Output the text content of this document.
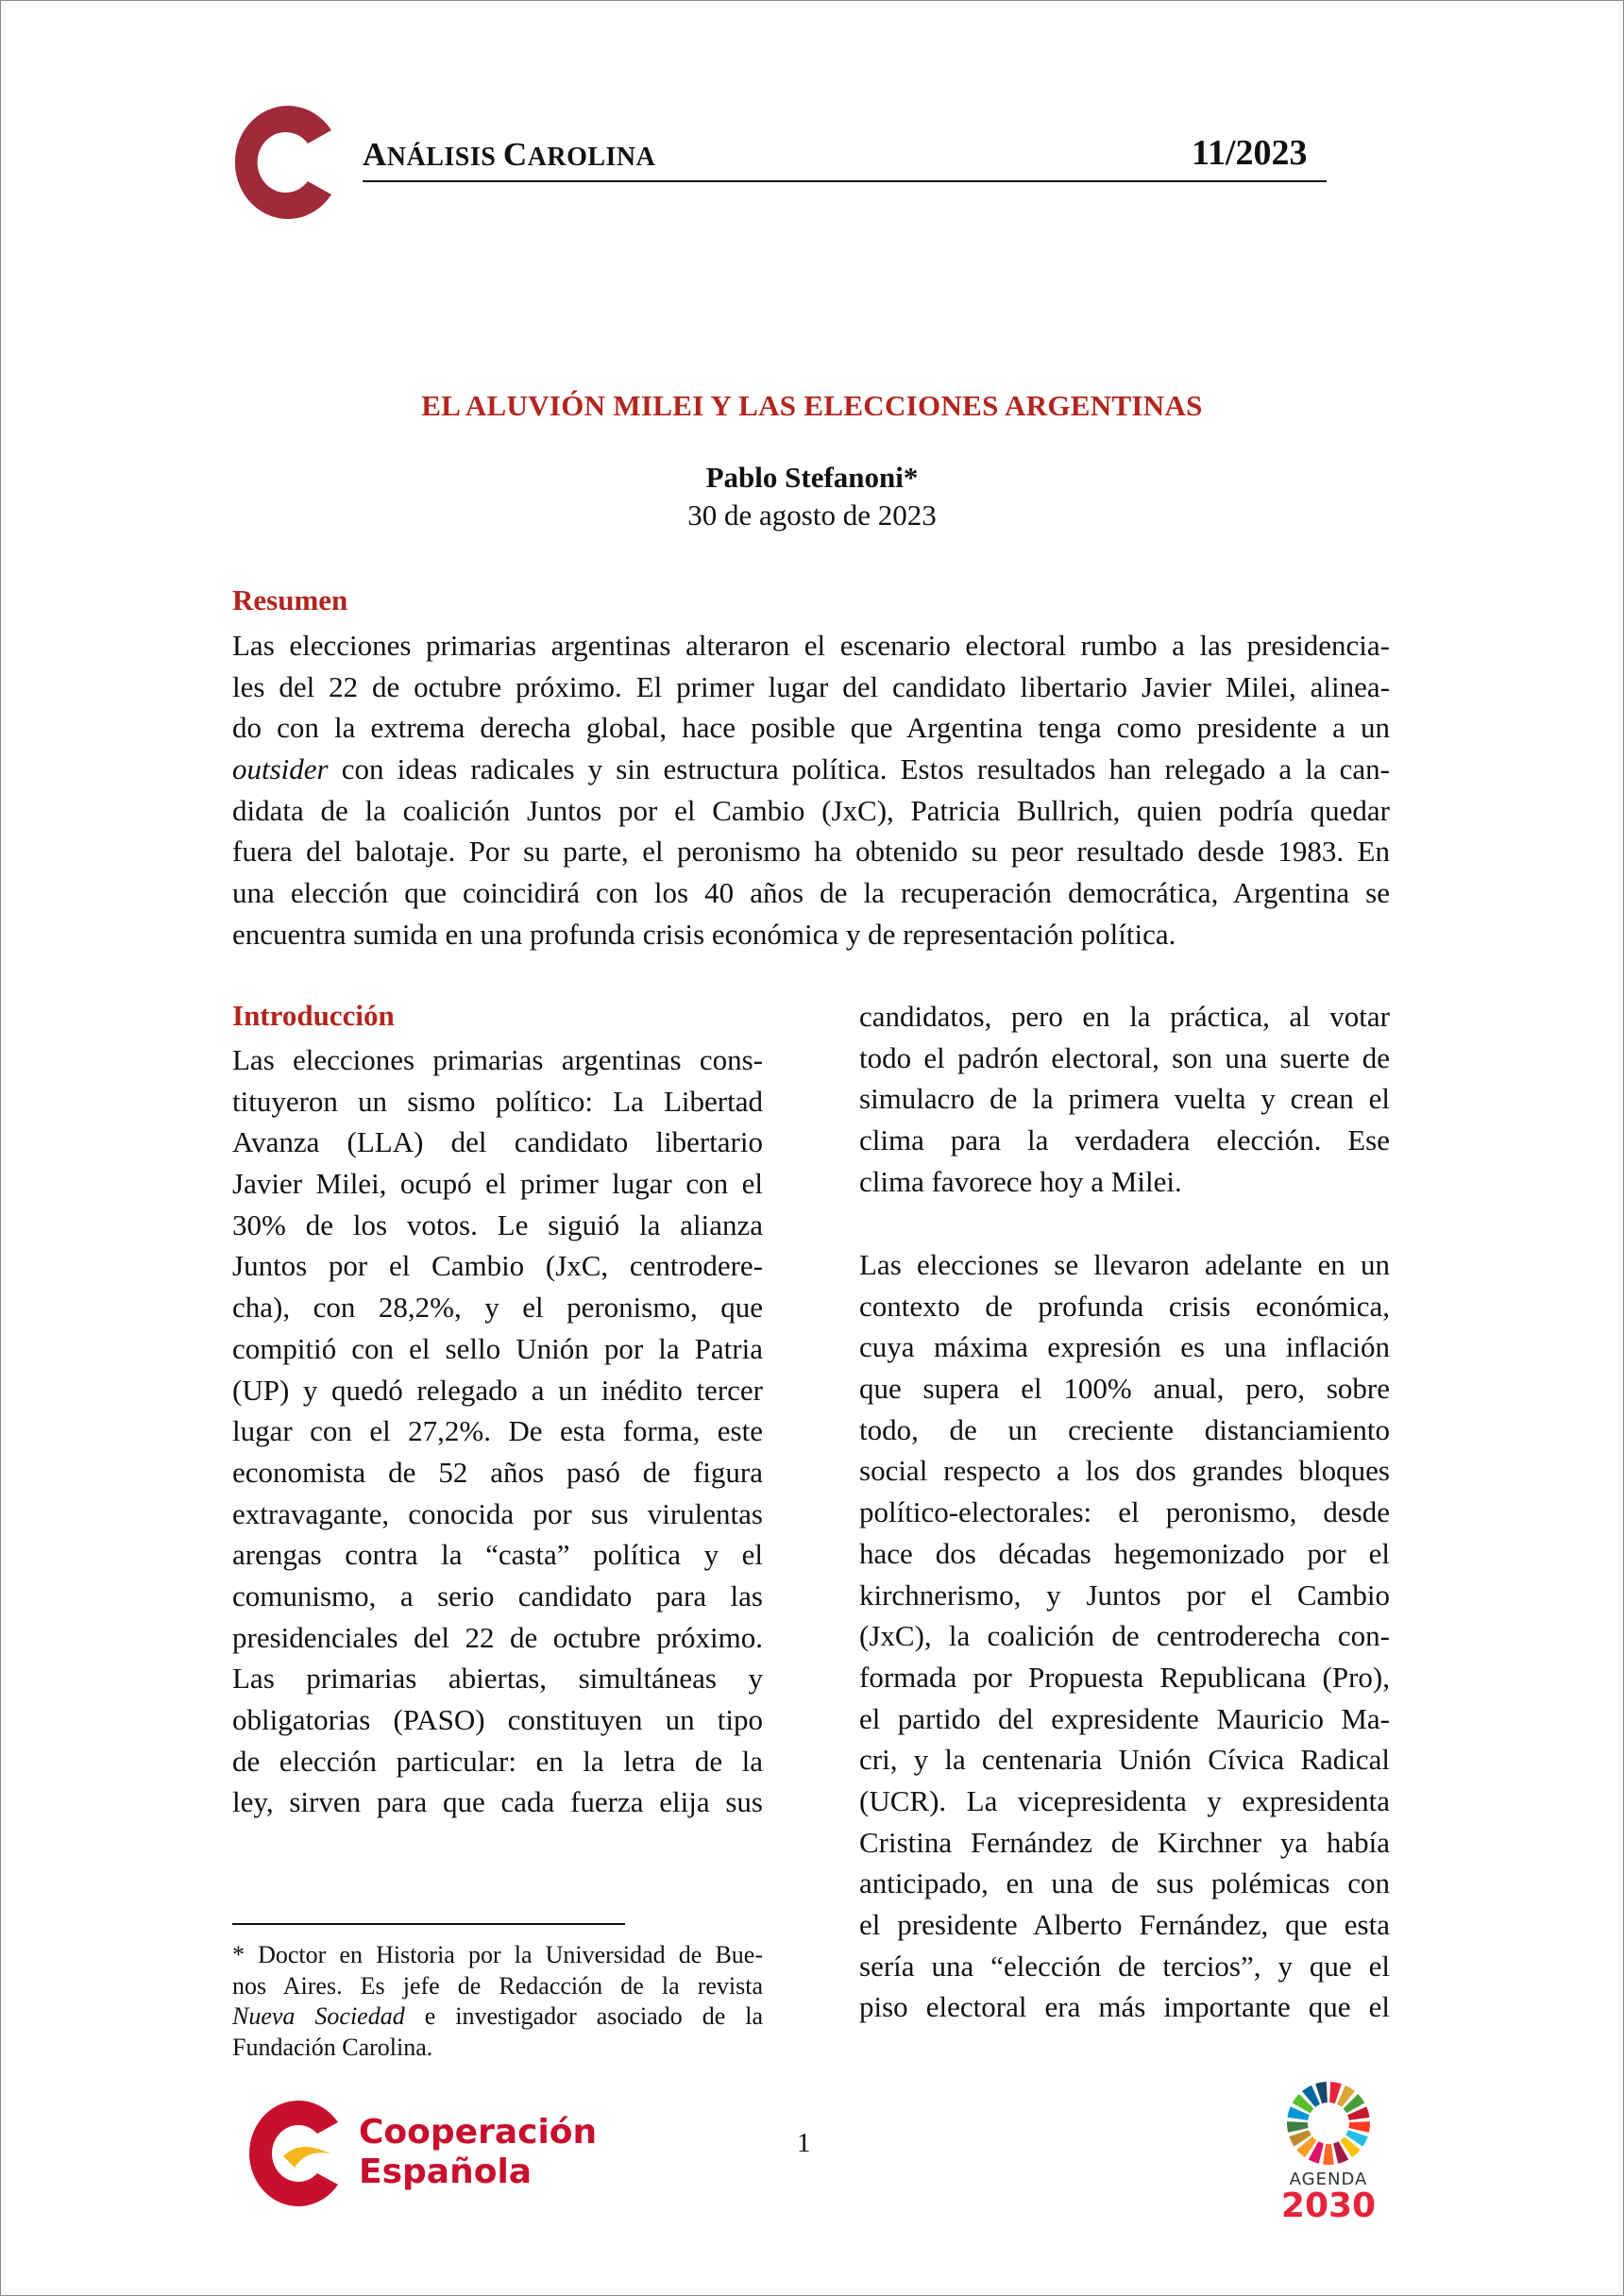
ANÁLISIS CAROLINA	11/2023
EL ALUVIÓN MILEI Y LAS ELECCIONES ARGENTINAS
Pablo Stefanoni*
30 de agosto de 2023
Resumen
Las elecciones primarias argentinas alteraron el escenario electoral rumbo a las presidencia-
les del 22 de octubre próximo. El primer lugar del candidato libertario Javier Milei, alinea-
do con la extrema derecha global, hace posible que Argentina tenga como presidente a un
outsider con ideas radicales y sin estructura política. Estos resultados han relegado a la can-
didata de la coalición Juntos por el Cambio (JxC), Patricia Bullrich, quien podría quedar
fuera del balotaje. Por su parte, el peronismo ha obtenido su peor resultado desde 1983. En
una elección que coincidirá con los 40 años de la recuperación democrática, Argentina se
encuentra sumida en una profunda crisis económica y de representación política.
Introducción
Las elecciones primarias argentinas cons-
tituyeron un sismo político: La Libertad
Avanza (LLA) del candidato libertario
Javier Milei, ocupó el primer lugar con el
30% de los votos. Le siguió la alianza
Juntos por el Cambio (JxC, centrodere-
cha), con 28,2%, y el peronismo, que
compitió con el sello Unión por la Patria
(UP) y quedó relegado a un inédito tercer
lugar con el 27,2%. De esta forma, este
economista de 52 años pasó de figura
extravagante, conocida por sus virulentas
arengas contra la “casta” política y el
comunismo, a serio candidato para las
presidenciales del 22 de octubre próximo.
Las primarias abiertas, simultáneas y
obligatorias (PASO) constituyen un tipo
de elección particular: en la letra de la
ley, sirven para que cada fuerza elija sus
candidatos, pero en la práctica, al votar
todo el padrón electoral, son una suerte de
simulacro de la primera vuelta y crean el
clima para la verdadera elección. Ese
clima favorece hoy a Milei.
Las elecciones se llevaron adelante en un
contexto de profunda crisis económica,
cuya máxima expresión es una inflación
que supera el 100% anual, pero, sobre
todo, de un creciente distanciamiento
social respecto a los dos grandes bloques
político-electorales: el peronismo, desde
hace dos décadas hegemonizado por el
kirchnerismo, y Juntos por el Cambio
(JxC), la coalición de centroderecha con-
formada por Propuesta Republicana (Pro),
el partido del expresidente Mauricio Ma-
cri, y la centenaria Unión Cívica Radical
(UCR). La vicepresidenta y expresidenta
Cristina Fernández de Kirchner ya había
anticipado, en una de sus polémicas con
el presidente Alberto Fernández, que esta
sería una “elección de tercios”, y que el
piso electoral era más importante que el
* Doctor en Historia por la Universidad de Bue-
nos Aires. Es jefe de Redacción de la revista
Nueva Sociedad e investigador asociado de la
Fundación Carolina.
1
Cooperación
Española	AGENDA
2030
